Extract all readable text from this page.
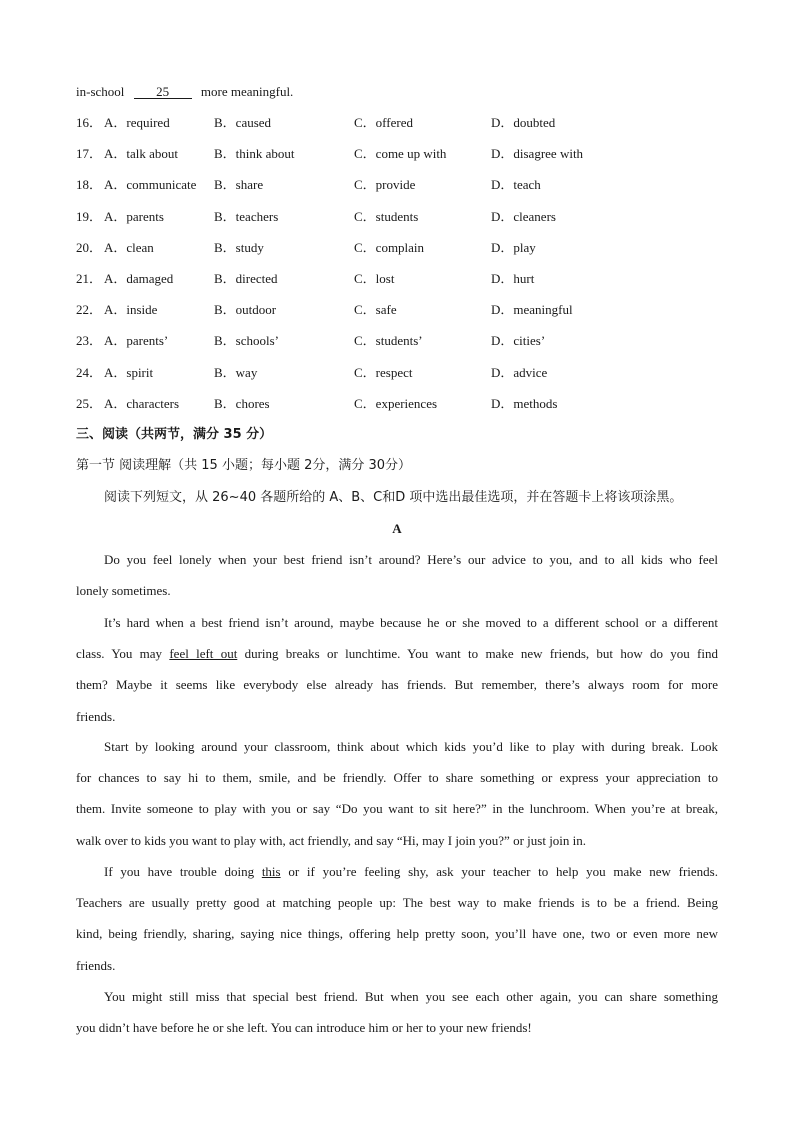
in-school 25 more meaningful.
16． A．required	B．caused	C．offered	D．doubted
17． A．talk about	B．think about	C．come up with	D．disagree with
18． A．communicate B．share	C．provide	D．teach
19． A．parents	B．teachers	C．students	D．cleaners
20． A．clean	B．study	C．complain	D．play
21． A．damaged	B．directed	C．lost	D．hurt
22． A．inside	B．outdoor	C．safe	D．meaningful
23． A．parents’	B．schools’	C．students’	D．cities’
24． A．spirit	B．way	C．respect	D．advice
25． A．characters	B．chores	C．experiences	D．methods
三、阅读（共两节，满分 35 分）
第一节 阅读理解（共 15 小题；每小题 2分，满分 30分）
阅读下列短文，从 26~40 各题所给的 A、B、C和D 项中选出最佳选项，并在答题卡上将该项涂黑。
A
Do you feel lonely when your best friend isn’t around? Here’s our advice to you, and to all kids who feel
lonely sometimes.
It’s hard when a best friend isn’t around, maybe because he or she moved to a different school or a different
class. You may feel left out during breaks or lunchtime. You want to make new friends, but how do you find
them? Maybe it seems like everybody else already has friends. But remember, there’s always room for more
friends.
Start by looking around your classroom, think about which kids you’d like to play with during break. Look
for chances to say hi to them, smile, and be friendly. Offer to share something or express your appreciation to
them. Invite someone to play with you or say “Do you want to sit here?” in the lunchroom. When you’re at break,
walk over to kids you want to play with, act friendly, and say “Hi, may I join you?” or just join in.
If you have trouble doing this or if you’re feeling shy, ask your teacher to help you make new friends.
Teachers are usually pretty good at matching people up: The best way to make friends is to be a friend. Being
kind, being friendly, sharing, saying nice things, offering help pretty soon, you’ll have one, two or even more new
friends.
You might still miss that special best friend. But when you see each other again, you can share something
you didn’t have before he or she left. You can introduce him or her to your new friends!
